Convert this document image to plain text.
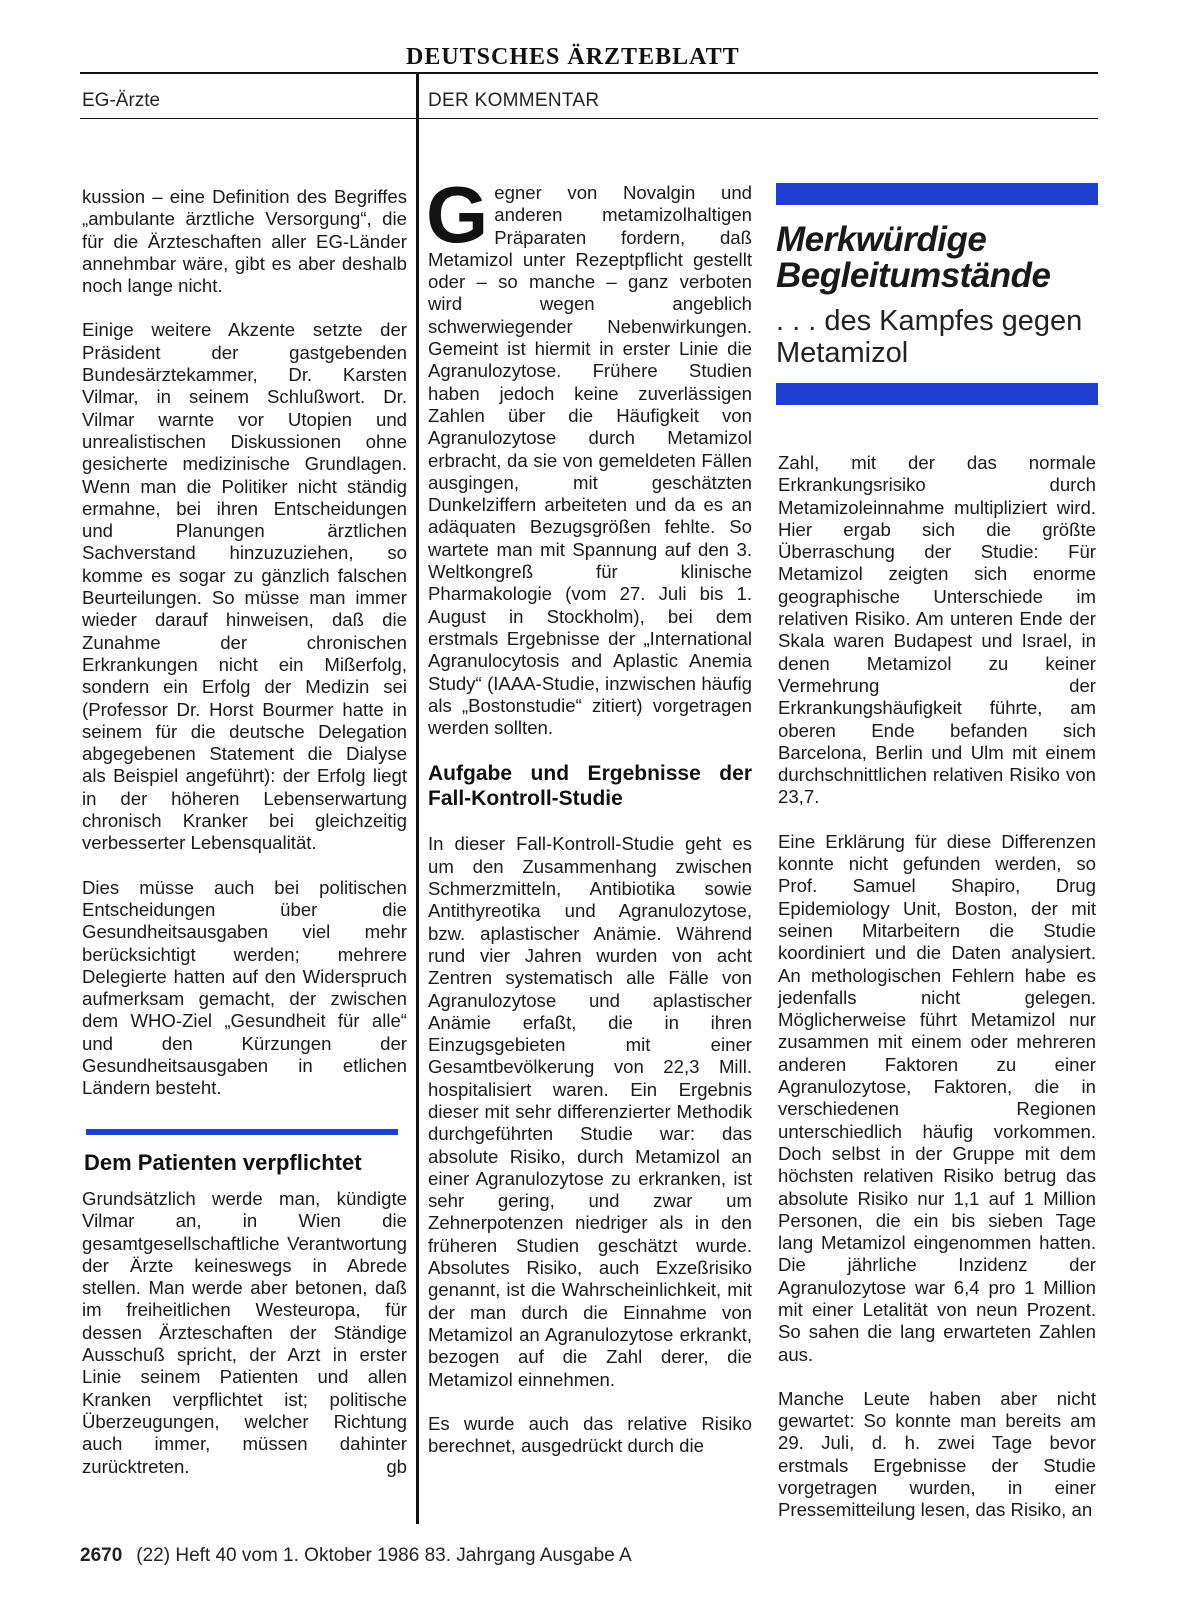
DEUTSCHES ÄRZTEBLATT
EG-Ärzte	DER KOMMENTAR

kussion – eine Definition des Begriffes „ambulante ärztliche Versorgung“, die für die Ärzteschaften aller EG-Länder annehmbar wäre, gibt es aber deshalb noch lange nicht.

Einige weitere Akzente setzte der Präsident der gastgebenden Bundesärztekammer, Dr. Karsten Vilmar, in seinem Schlußwort. Dr. Vilmar warnte vor Utopien und unrealistischen Diskussionen ohne gesicherte medizinische Grundlagen. Wenn man die Politiker nicht ständig ermahne, bei ihren Entscheidungen und Planungen ärztlichen Sachverstand hinzuzuziehen, so komme es sogar zu gänzlich falschen Beurteilungen. So müsse man immer wieder darauf hinweisen, daß die Zunahme der chronischen Erkrankungen nicht ein Mißerfolg, sondern ein Erfolg der Medizin sei (Professor Dr. Horst Bourmer hatte in seinem für die deutsche Delegation abgegebenen Statement die Dialyse als Beispiel angeführt): der Erfolg liegt in der höheren Lebenserwartung chronisch Kranker bei gleichzeitig verbesserter Lebensqualität.

Dies müsse auch bei politischen Entscheidungen über die Gesundheitsausgaben viel mehr berücksichtigt werden; mehrere Delegierte hatten auf den Widerspruch aufmerksam gemacht, der zwischen dem WHO-Ziel „Gesundheit für alle“ und den Kürzungen der Gesundheitsausgaben in etlichen Ländern besteht.

Dem Patienten verpflichtet

Grundsätzlich werde man, kündigte Vilmar an, in Wien die gesamtgesellschaftliche Verantwortung der Ärzte keineswegs in Abrede stellen. Man werde aber betonen, daß im freiheitlichen Westeuropa, für dessen Ärzteschaften der Ständige Ausschuß spricht, der Arzt in erster Linie seinem Patienten und allen Kranken verpflichtet ist; politische Überzeugungen, welcher Richtung auch immer, müssen dahinter zurücktreten.	gb

Gegner von Novalgin und anderen metamizolhaltigen Präparaten fordern, daß Metamizol unter Rezeptpflicht gestellt oder – so manche – ganz verboten wird wegen angeblich schwerwiegender Nebenwirkungen. Gemeint ist hiermit in erster Linie die Agranulozytose. Frühere Studien haben jedoch keine zuverlässigen Zahlen über die Häufigkeit von Agranulozytose durch Metamizol erbracht, da sie von gemeldeten Fällen ausgingen, mit geschätzten Dunkelziffern arbeiteten und da es an adäquaten Bezugsgrößen fehlte. So wartete man mit Spannung auf den 3. Weltkongreß für klinische Pharmakologie (vom 27. Juli bis 1. August in Stockholm), bei dem erstmals Ergebnisse der „International Agranulocytosis and Aplastic Anemia Study“ (IAAA-Studie, inzwischen häufig als „Bostonstudie“ zitiert) vorgetragen werden sollten.

Aufgabe und Ergebnisse der Fall-Kontroll-Studie

In dieser Fall-Kontroll-Studie geht es um den Zusammenhang zwischen Schmerzmitteln, Antibiotika sowie Antithyreotika und Agranulozytose, bzw. aplastischer Anämie. Während rund vier Jahren wurden von acht Zentren systematisch alle Fälle von Agranulozytose und aplastischer Anämie erfaßt, die in ihren Einzugsgebieten mit einer Gesamtbevölkerung von 22,3 Mill. hospitalisiert waren. Ein Ergebnis dieser mit sehr differenzierter Methodik durchgeführten Studie war: das absolute Risiko, durch Metamizol an einer Agranulozytose zu erkranken, ist sehr gering, und zwar um Zehnerpotenzen niedriger als in den früheren Studien geschätzt wurde. Absolutes Risiko, auch Exzeßrisiko genannt, ist die Wahrscheinlichkeit, mit der man durch die Einnahme von Metamizol an Agranulozytose erkrankt, bezogen auf die Zahl derer, die Metamizol einnehmen.

Es wurde auch das relative Risiko berechnet, ausgedrückt durch die

Merkwürdige Begleitumstände
. . . des Kampfes gegen Metamizol

Zahl, mit der das normale Erkrankungsrisiko durch Metamizoleinnahme multipliziert wird. Hier ergab sich die größte Überraschung der Studie: Für Metamizol zeigten sich enorme geographische Unterschiede im relativen Risiko. Am unteren Ende der Skala waren Budapest und Israel, in denen Metamizol zu keiner Vermehrung der Erkrankungshäufigkeit führte, am oberen Ende befanden sich Barcelona, Berlin und Ulm mit einem durchschnittlichen relativen Risiko von 23,7.

Eine Erklärung für diese Differenzen konnte nicht gefunden werden, so Prof. Samuel Shapiro, Drug Epidemiology Unit, Boston, der mit seinen Mitarbeitern die Studie koordiniert und die Daten analysiert. An methologischen Fehlern habe es jedenfalls nicht gelegen. Möglicherweise führt Metamizol nur zusammen mit einem oder mehreren anderen Faktoren zu einer Agranulozytose, Faktoren, die in verschiedenen Regionen unterschiedlich häufig vorkommen. Doch selbst in der Gruppe mit dem höchsten relativen Risiko betrug das absolute Risiko nur 1,1 auf 1 Million Personen, die ein bis sieben Tage lang Metamizol eingenommen hatten. Die jährliche Inzidenz der Agranulozytose war 6,4 pro 1 Million mit einer Letalität von neun Prozent. So sahen die lang erwarteten Zahlen aus.

Manche Leute haben aber nicht gewartet: So konnte man bereits am 29. Juli, d. h. zwei Tage bevor erstmals Ergebnisse der Studie vorgetragen wurden, in einer Pressemitteilung lesen, das Risiko, an

2670 (22) Heft 40 vom 1. Oktober 1986 83. Jahrgang Ausgabe A
